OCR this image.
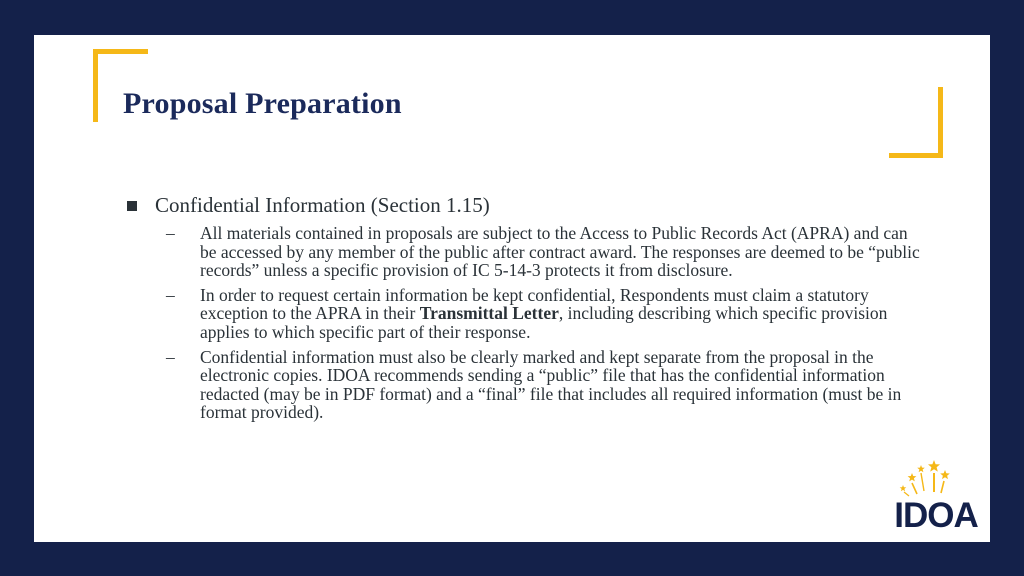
Proposal Preparation
Confidential Information (Section 1.15)
– All materials contained in proposals are subject to the Access to Public Records Act (APRA) and can be accessed by any member of the public after contract award. The responses are deemed to be “public records” unless a specific provision of IC 5-14-3 protects it from disclosure.
– In order to request certain information be kept confidential, Respondents must claim a statutory exception to the APRA in their Transmittal Letter, including describing which specific provision applies to which specific part of their response.
– Confidential information must also be clearly marked and kept separate from the proposal in the electronic copies. IDOA recommends sending a “public” file that has the confidential information redacted (may be in PDF format) and a “final” file that includes all required information (must be in format provided).
IDOA
